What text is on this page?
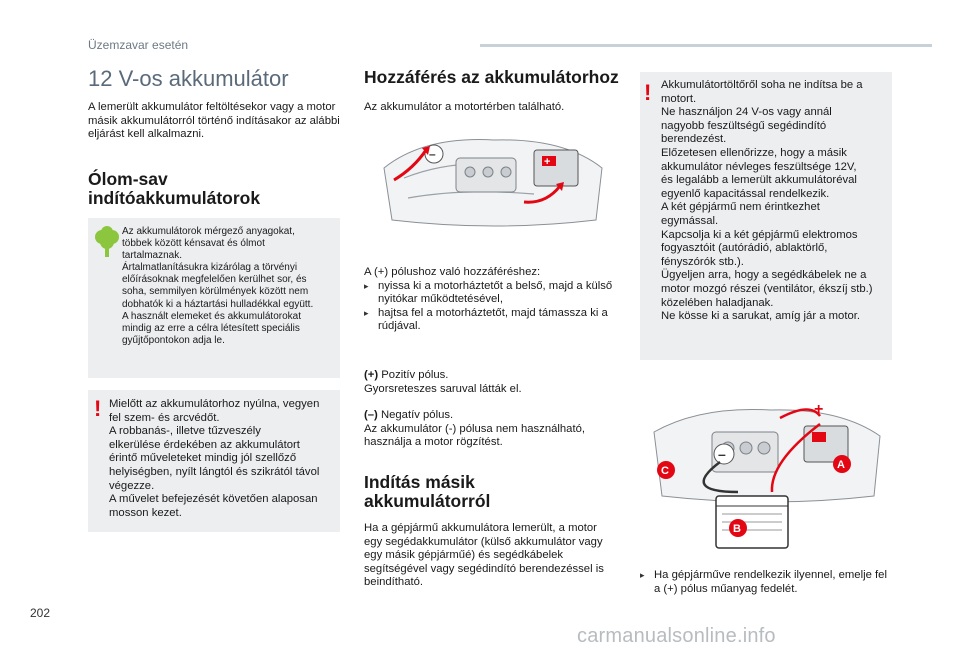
Üzemzavar esetén
12 V-os akkumulátor
A lemerült akkumulátor feltöltésekor vagy a motor másik akkumulátorról történő indításakor az alábbi eljárást kell alkalmazni.
Ólom-sav
indítóakkumulátorok
Az akkumulátorok mérgező anyagokat,
többek között kénsavat és ólmot
tartalmaznak.
Ártalmatlanításukra kizárólag a törvényi
előírásoknak megfelelően kerülhet sor, és
soha, semmilyen körülmények között nem
dobhatók ki a háztartási hulladékkal együtt.
A használt elemeket és akkumulátorokat
mindig az erre a célra létesített speciális
gyűjtőpontokon adja le.
! Mielőtt az akkumulátorhoz nyúlna, vegyen
fel szem- és arcvédőt.
A robbanás-, illetve tűzveszély
elkerülése érdekében az akkumulátort
érintő műveleteket mindig jól szellőző
helyiségben, nyílt lángtól és szikrától távol
végezze.
A művelet befejezését követően alaposan
mosson kezet.
Hozzáférés az akkumulátorhoz
Az akkumulátor a motortérben található.
+
–
A (+) pólushoz való hozzáféréshez:
▸ nyissa ki a motorháztetőt a belső, majd a külső nyitókar működtetésével,
▸ hajtsa fel a motorháztetőt, majd támassza ki a rúdjával.
(+) Pozitív pólus.
Gyorsreteszes saruval látták el.
(–) Negatív pólus.
Az akkumulátor (-) pólusa nem használható, használja a motor rögzítést.
Indítás másik
akkumulátorról
Ha a gépjármű akkumulátora lemerült, a motor egy segédakkumulátor (külső akkumulátor vagy egy másik gépjárműé) és segédkábelek segítségével vagy segédindító berendezéssel is beindítható.
! Akkumulátortöltőről soha ne indítsa be a
motort.
Ne használjon 24 V-os vagy annál
nagyobb feszültségű segédindító
berendezést.
Előzetesen ellenőrizze, hogy a másik
akkumulátor névleges feszültsége 12V,
és legalább a lemerült akkumulátoréval
egyenlő kapacitással rendelkezik.
A két gépjármű nem érintkezhet
egymással.
Kapcsolja ki a két gépjármű elektromos
fogyasztóit (autórádió, ablaktörlő,
fényszórók stb.).
Ügyeljen arra, hogy a segédkábelek ne a
motor mozgó részei (ventilátor, ékszíj stb.)
közelében haladjanak.
Ne kösse ki a sarukat, amíg jár a motor.
–
+
A
B
C
▸ Ha gépjárműve rendelkezik ilyennel, emelje fel a (+) pólus műanyag fedelét.
202
carmanualsonline.info
